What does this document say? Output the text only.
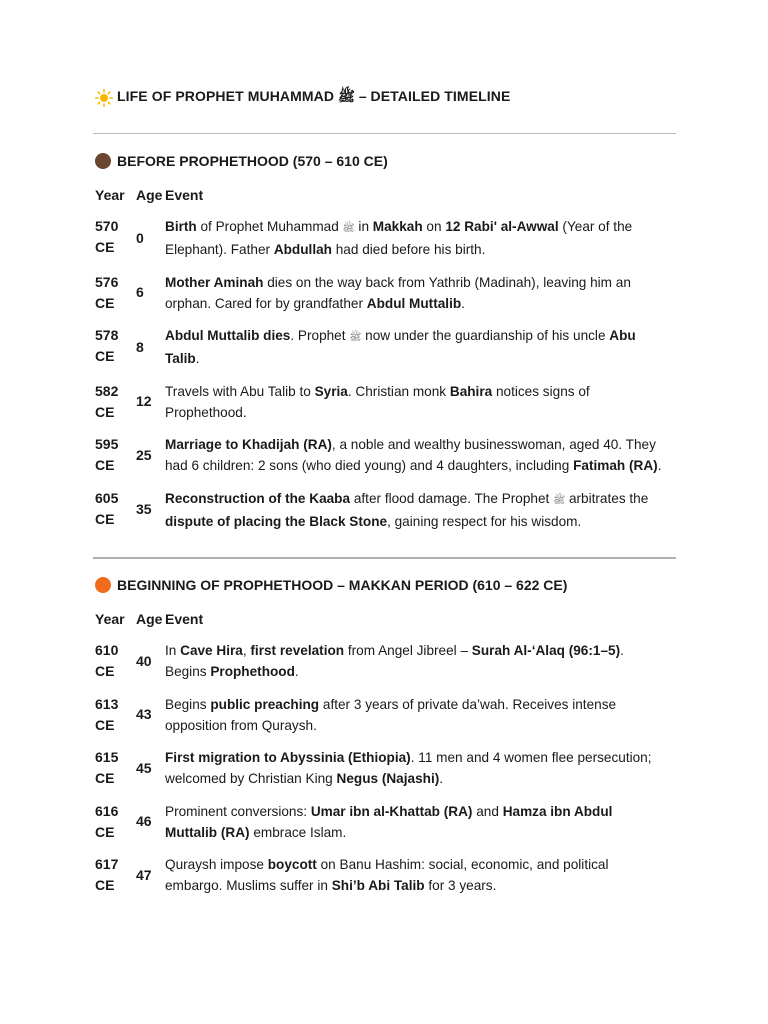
LIFE OF PROPHET MUHAMMAD ﷺ – DETAILED TIMELINE
BEFORE PROPHETHOOD (570 – 610 CE)
Year Age Event
570 CE
0
Birth of Prophet Muhammad ﷺ in Makkah on 12 Rabi' al-Awwal (Year of the Elephant). Father Abdullah had died before his birth.
576 CE
6
Mother Aminah dies on the way back from Yathrib (Madinah), leaving him an orphan. Cared for by grandfather Abdul Muttalib.
578 CE
8
Abdul Muttalib dies. Prophet ﷺ now under the guardianship of his uncle Abu Talib.
582 CE
12
Travels with Abu Talib to Syria. Christian monk Bahira notices signs of Prophethood.
595 CE
25
Marriage to Khadijah (RA), a noble and wealthy businesswoman, aged 40. They had 6 children: 2 sons (who died young) and 4 daughters, including Fatimah (RA).
605 CE
35
Reconstruction of the Kaaba after flood damage. The Prophet ﷺ arbitrates the dispute of placing the Black Stone, gaining respect for his wisdom.
BEGINNING OF PROPHETHOOD – MAKKAN PERIOD (610 – 622 CE)
Year Age Event
610 CE
40
In Cave Hira, first revelation from Angel Jibreel – Surah Al-‘Alaq (96:1–5). Begins Prophethood.
613 CE
43
Begins public preaching after 3 years of private da’wah. Receives intense opposition from Quraysh.
615 CE
45
First migration to Abyssinia (Ethiopia). 11 men and 4 women flee persecution; welcomed by Christian King Negus (Najashi).
616 CE
46
Prominent conversions: Umar ibn al-Khattab (RA) and Hamza ibn Abdul Muttalib (RA) embrace Islam.
617 CE
47
Quraysh impose boycott on Banu Hashim: social, economic, and political embargo. Muslims suffer in Shi’b Abi Talib for 3 years.
